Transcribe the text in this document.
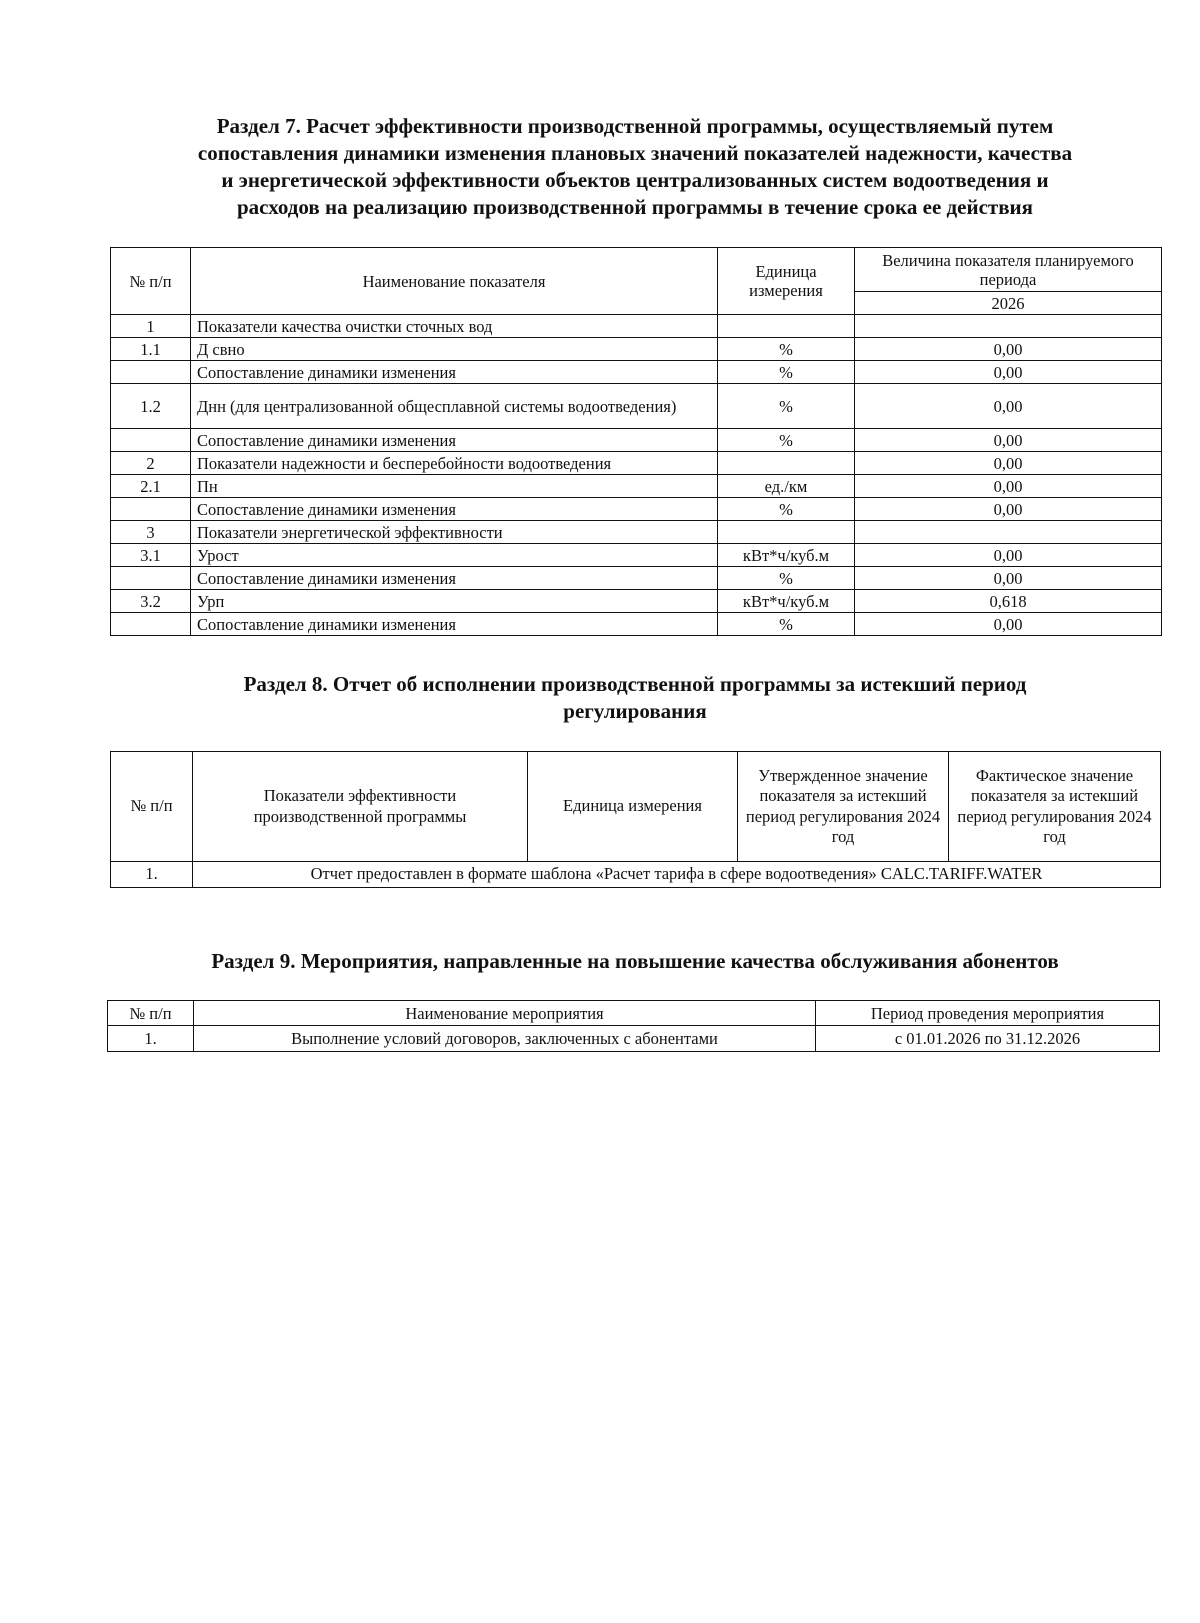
Раздел 7. Расчет эффективности производственной программы, осуществляемый путем
сопоставления динамики изменения плановых значений показателей надежности, качества
и энергетической эффективности объектов централизованных систем водоотведения и
расходов на реализацию производственной программы в течение срока ее действия
№ п/п	Наименование показателя	Единица измерения	Величина показателя планируемого периода
			2026
1	Показатели качества очистки сточных вод		
1.1	Д свно	%	0,00
	Сопоставление динамики изменения	%	0,00
1.2	Днн (для централизованной общесплавной системы водоотведения)	%	0,00
	Сопоставление динамики изменения	%	0,00
2	Показатели надежности и бесперебойности водоотведения		0,00
2.1	Пн	ед./км	0,00
	Сопоставление динамики изменения	%	0,00
3	Показатели энергетической эффективности		
3.1	Урост	кВт*ч/куб.м	0,00
	Сопоставление динамики изменения	%	0,00
3.2	Урп	кВт*ч/куб.м	0,618
	Сопоставление динамики изменения	%	0,00
Раздел 8. Отчет об исполнении производственной программы за истекший период
регулирования
№ п/п	Показатели эффективности производственной программы	Единица измерения	Утвержденное значение показателя за истекший период регулирования 2024 год	Фактическое значение показателя за истекший период регулирования 2024 год
1.	Отчет предоставлен в формате шаблона «Расчет тарифа в сфере водоотведения» CALC.TARIFF.WATER			
Раздел 9. Мероприятия, направленные на повышение качества обслуживания абонентов
№ п/п	Наименование мероприятия	Период проведения мероприятия
1.	Выполнение условий договоров, заключенных с абонентами	с 01.01.2026 по 31.12.2026
